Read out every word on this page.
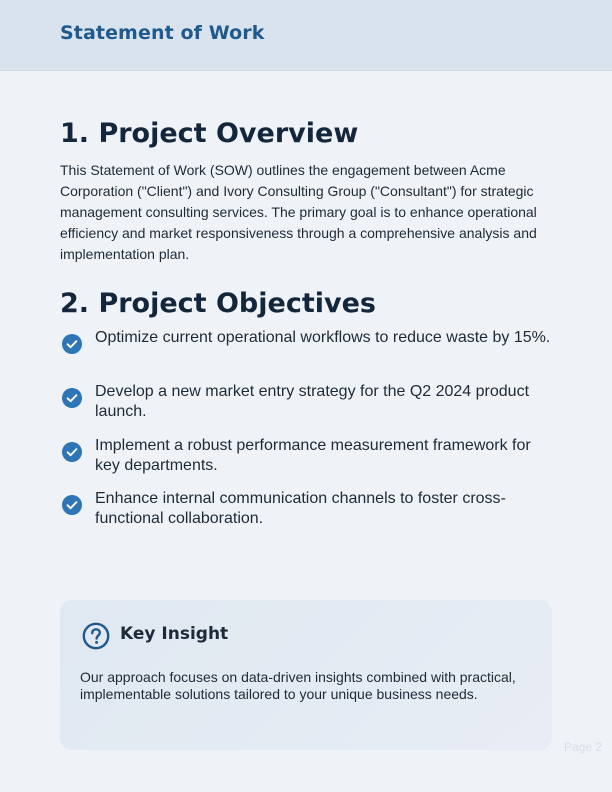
Statement of Work
1. Project Overview
This Statement of Work (SOW) outlines the engagement between Acme Corporation ("Client") and Ivory Consulting Group ("Consultant") for strategic management consulting services. The primary goal is to enhance operational efficiency and market responsiveness through a comprehensive analysis and implementation plan.
2. Project Objectives
Optimize current operational workflows to reduce waste by 15%.
Develop a new market entry strategy for the Q2 2024 product launch.
Implement a robust performance measurement framework for key departments.
Enhance internal communication channels to foster cross-functional collaboration.
Key Insight
Our approach focuses on data-driven insights combined with practical, implementable solutions tailored to your unique business needs.
Page 2
